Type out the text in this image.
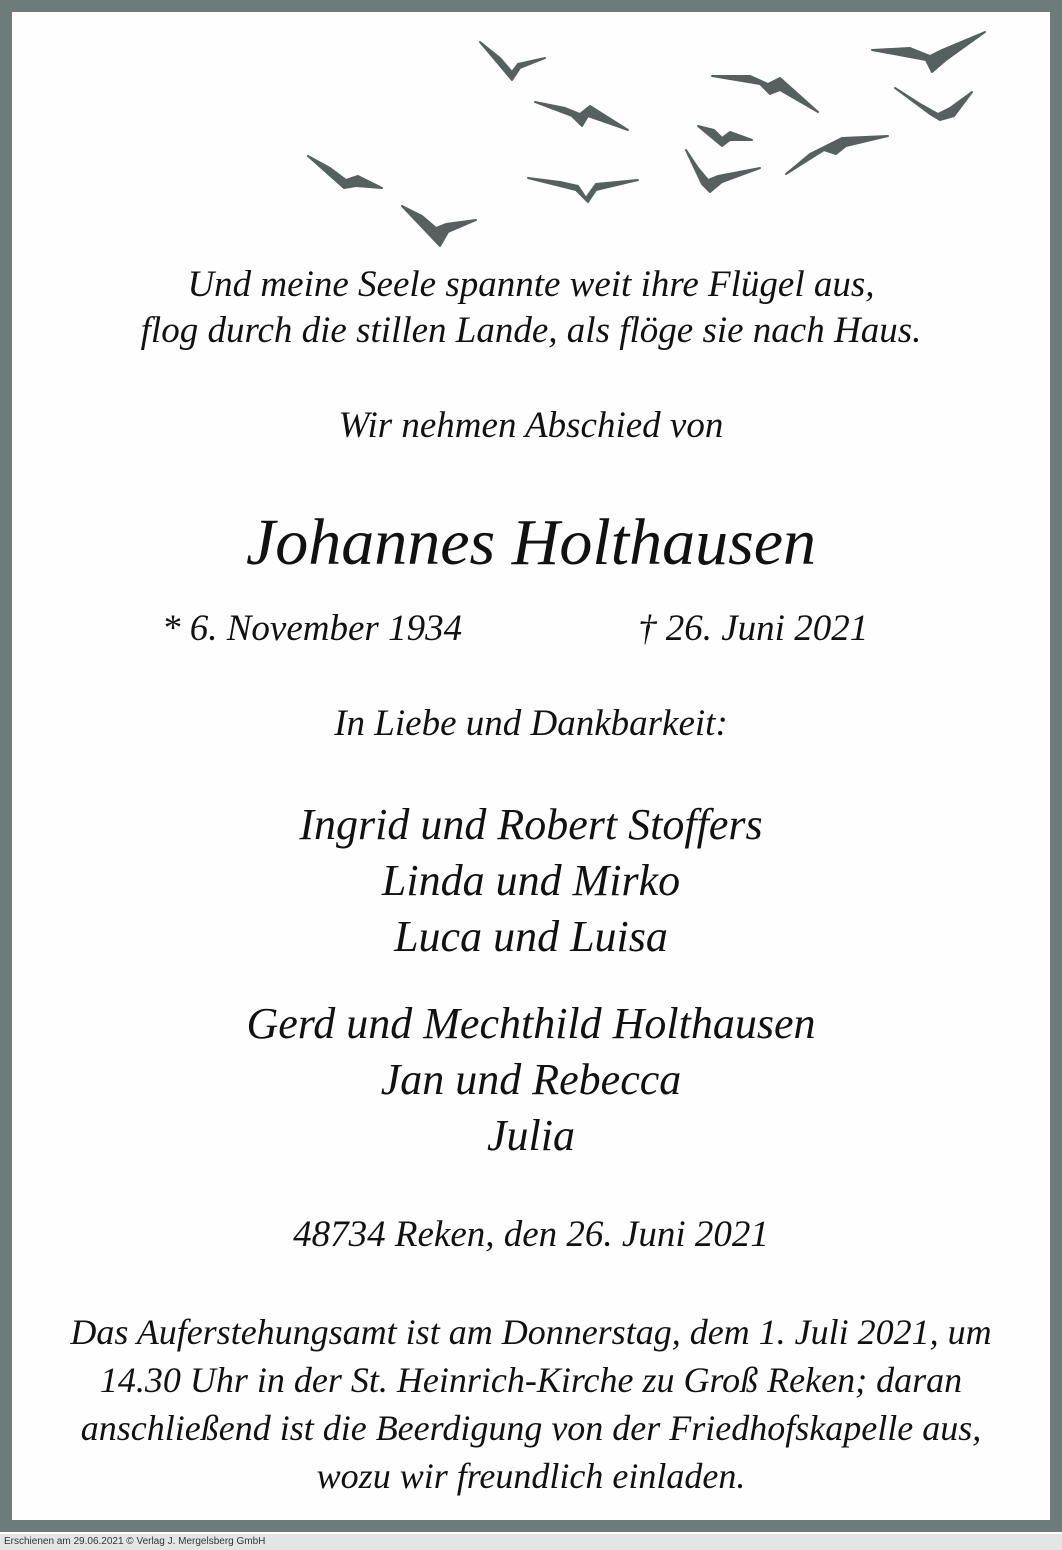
Und meine Seele spannte weit ihre Flügel aus,
flog durch die stillen Lande, als flöge sie nach Haus.
Wir nehmen Abschied von
Johannes Holthausen
* 6. November 1934	† 26. Juni 2021
In Liebe und Dankbarkeit:
Ingrid und Robert Stoffers
Linda und Mirko
Luca und Luisa
Gerd und Mechthild Holthausen
Jan und Rebecca
Julia
48734 Reken, den 26. Juni 2021
Das Auferstehungsamt ist am Donnerstag, dem 1. Juli 2021, um 14.30 Uhr in der St. Heinrich-Kirche zu Groß Reken; daran anschließend ist die Beerdigung von der Friedhofskapelle aus, wozu wir freundlich einladen.
Erschienen am 29.06.2021 © Verlag J. Mergelsberg GmbH
